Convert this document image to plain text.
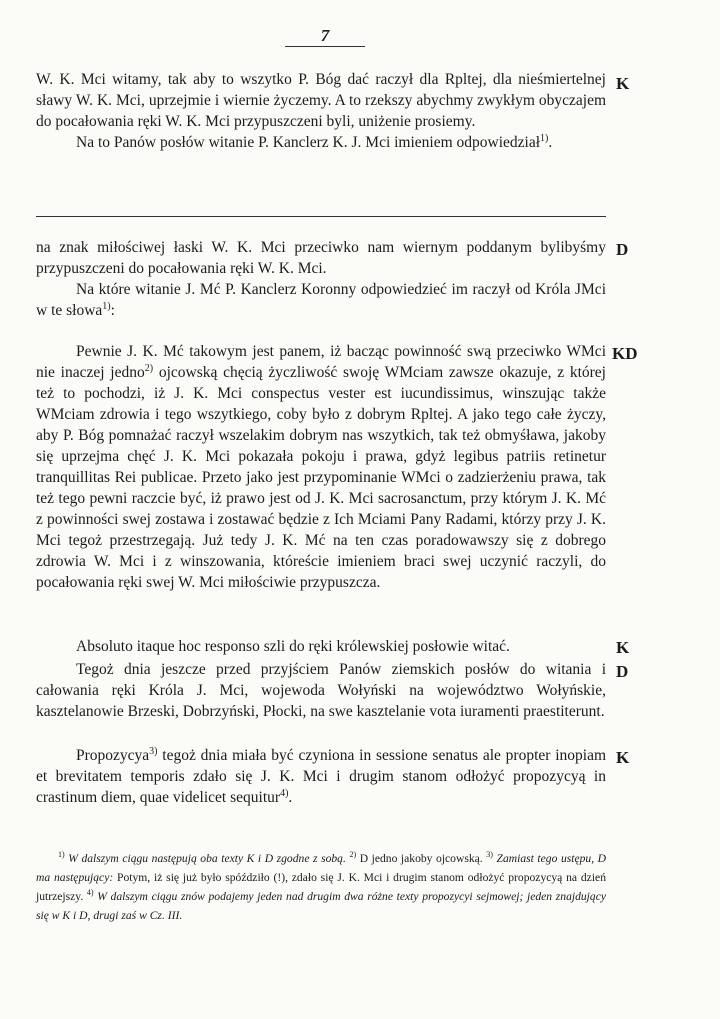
7

W. K. Mci witamy, tak aby to wszytko P. Bóg dać raczył dla Rpltej, dla nieśmiertelnej sławy W. K. Mci, uprzejmie i wiernie życzemy. A to rzekszy abychmy zwykłym obyczajem do pocałowania ręki W. K. Mci przypuszczeni byli, uniżenie prosiemy.

Na to Panów posłów witanie P. Kanclerz K. J. Mci imieniem odpowiedział$^{1)}$.

K

na znak miłościwej łaski W. K. Mci przeciwko nam wiernym poddanym bylibyśmy przypuszczeni do pocałowania ręki W. K. Mci.

Na które witanie J. Mć P. Kanclerz Koronny odpowiedzieć im raczył od Króla JMci w te słowa$^{1)}$:

D

Pewnie J. K. Mć takowym jest panem, iż bacząc powinność swą przeciwko WMci nie inaczej jedno$^{2)}$ ojcowską chęcią życzliwość swoję WMciam zawsze okazuje, z której też to pochodzi, iż J. K. Mci conspectus vester est iucundissimus, winszując także WMciam zdrowia i tego wszytkiego, coby było z dobrym Rpltej. A jako tego całe życzy, aby P. Bóg pomnażać raczył wszelakim dobrym nas wszytkich, tak też obmyśława, jakoby się uprzejma chęć J. K. Mci pokazała pokoju i prawa, gdyż legibus patriis retinetur tranquillitas Rei publicae. Przeto jako jest przypominanie WMci o zadzierżeniu prawa, tak też tego pewni raczcie być, iż prawo jest od J. K. Mci sacrosanctum, przy którym J. K. Mć z powinności swej zostawa i zostawać będzie z Ich Mciami Pany Radami, którzy przy J. K. Mci tegoż przestrzegają. Już tedy J. K. Mć na ten czas poradowawszy się z dobrego zdrowia W. Mci i z winszowania, któreście imieniem braci swej uczynić raczyli, do pocałowania ręki swej W. Mci miłościwie przypuszcza.

KD

Absoluto itaque hoc responso szli do ręki królewskiej posłowie witać.	K

Tegoż dnia jeszcze przed przyjściem Panów ziemskich posłów do witania i całowania ręki Króla J. Mci, wojewoda Wołyński na województwo Wołyńskie, kasztelanowie Brzeski, Dobrzyński, Płocki, na swe kasztelanie vota iuramenti praestiterunt.

D

Propozycya$^{3)}$ tegoż dnia miała być czyniona in sessione senatus ale propter inopiam et brevitatem temporis zdało się J. K. Mci i drugim stanom odłożyć propozycyą in crastinum diem, quae videlicet sequitur$^{4)}$.

K

$^{1)}$ W dalszym ciągu następują oba texty K i D zgodne z sobą. $^{2)}$ D jedno jakoby ojcowską. $^{3)}$ Zamiast tego ustępu, D ma następujący: Potym, iż się już było spóździło (!), zdało się J. K. Mci i drugim stanom odłożyć propozycyą na dzień jutrzejszy. $^{4)}$ W dalszym ciągu znów podajemy jeden nad drugim dwa różne texty propozycyi sejmowej; jeden znajdujący się w K i D, drugi zaś w Cz. III.
